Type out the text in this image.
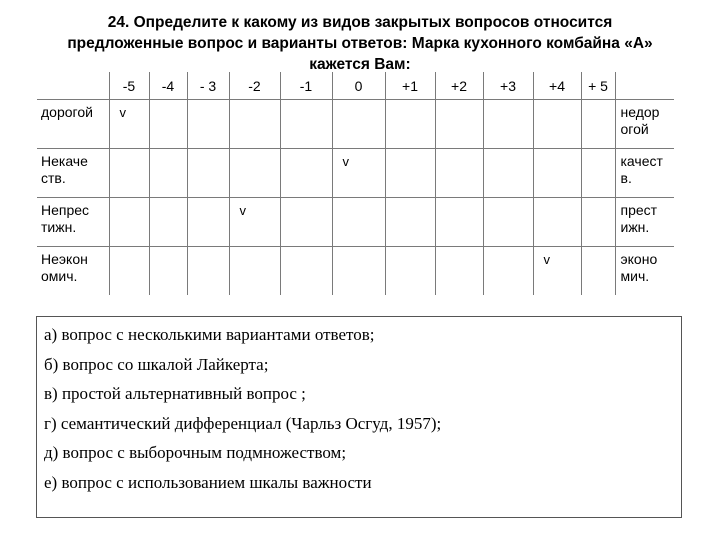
24. Определите к какому из видов закрытых вопросов относится
предложенные вопрос и варианты ответов: Марка кухонного комбайна «А»
кажется Вам:
	-5	-4	- 3	-2	-1	0	+1	+2	+3	+4	+ 5	
дорогой	v											недор огой
Некаче ств.						v						качест в.
Непрес тижн.				v								прест ижн.
Неэкон омич.										v		эконо мич.
а) вопрос с несколькими вариантами ответов;
б) вопрос со шкалой Лайкерта;
в) простой альтернативный вопрос ;
г) семантический дифференциал (Чарльз Осгуд, 1957);
д) вопрос с выборочным подмножеством;
е) вопрос с использованием шкалы важности
